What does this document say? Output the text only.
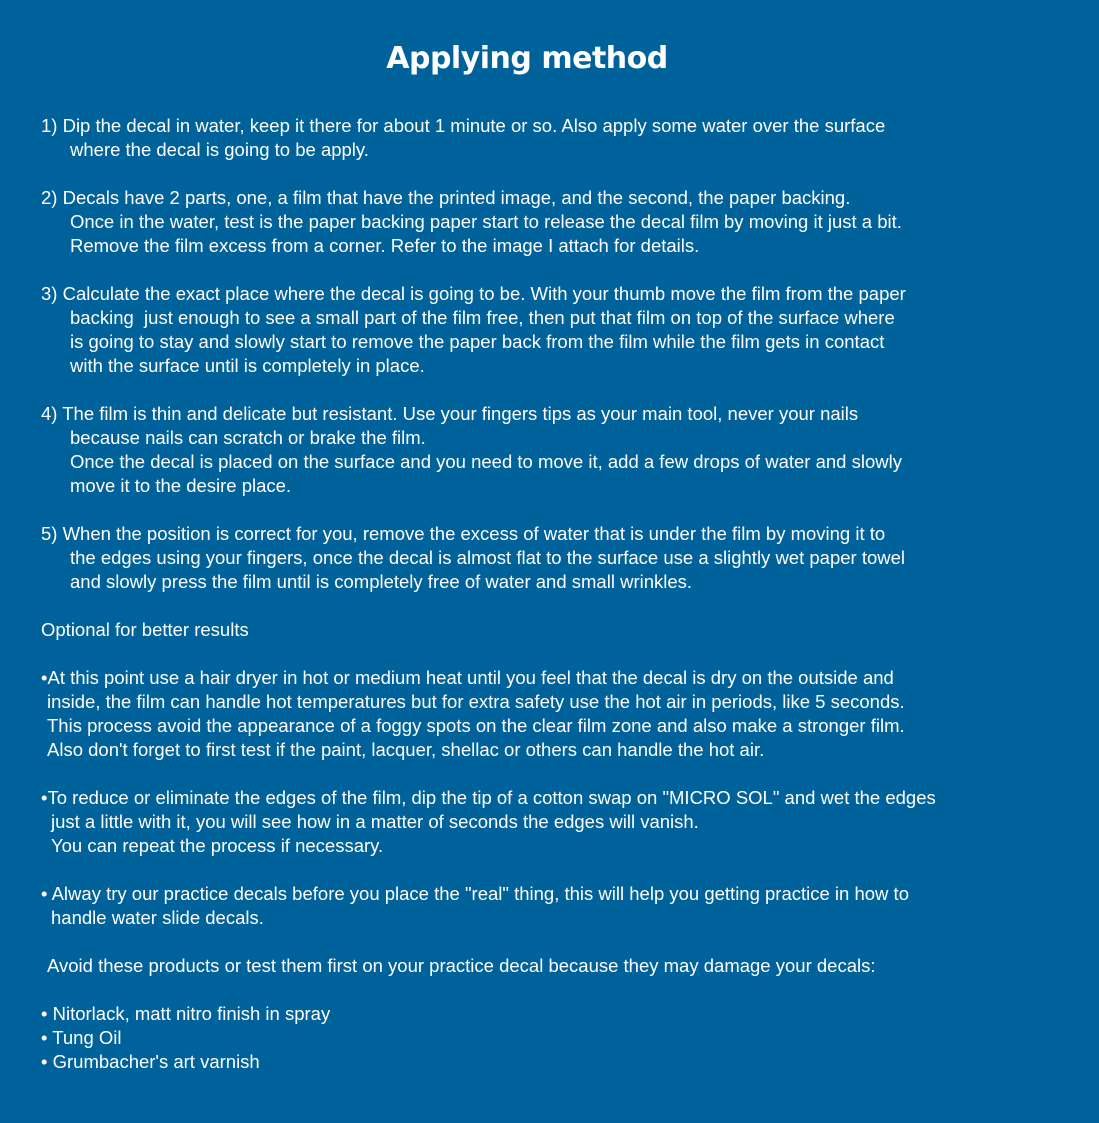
Applying method
1) Dip the decal in water, keep it there for about 1 minute or so. Also apply some water over the surface
where the decal is going to be apply.
2) Decals have 2 parts, one, a film that have the printed image, and the second, the paper backing.
Once in the water, test is the paper backing paper start to release the decal film by moving it just a bit.
Remove the film excess from a corner. Refer to the image I attach for details.
3) Calculate the exact place where the decal is going to be. With your thumb move the film from the paper
backing  just enough to see a small part of the film free, then put that film on top of the surface where
is going to stay and slowly start to remove the paper back from the film while the film gets in contact
with the surface until is completely in place.
4) The film is thin and delicate but resistant. Use your fingers tips as your main tool, never your nails
because nails can scratch or brake the film.
Once the decal is placed on the surface and you need to move it, add a few drops of water and slowly
move it to the desire place.
5) When the position is correct for you, remove the excess of water that is under the film by moving it to
the edges using your fingers, once the decal is almost flat to the surface use a slightly wet paper towel
and slowly press the film until is completely free of water and small wrinkles.
Optional for better results
•At this point use a hair dryer in hot or medium heat until you feel that the decal is dry on the outside and
inside, the film can handle hot temperatures but for extra safety use the hot air in periods, like 5 seconds.
This process avoid the appearance of a foggy spots on the clear film zone and also make a stronger film.
Also don't forget to first test if the paint, lacquer, shellac or others can handle the hot air.
•To reduce or eliminate the edges of the film, dip the tip of a cotton swap on "MICRO SOL" and wet the edges
just a little with it, you will see how in a matter of seconds the edges will vanish.
You can repeat the process if necessary.
• Alway try our practice decals before you place the "real" thing, this will help you getting practice in how to
handle water slide decals.
Avoid these products or test them first on your practice decal because they may damage your decals:
• Nitorlack, matt nitro finish in spray
• Tung Oil
• Grumbacher's art varnish
